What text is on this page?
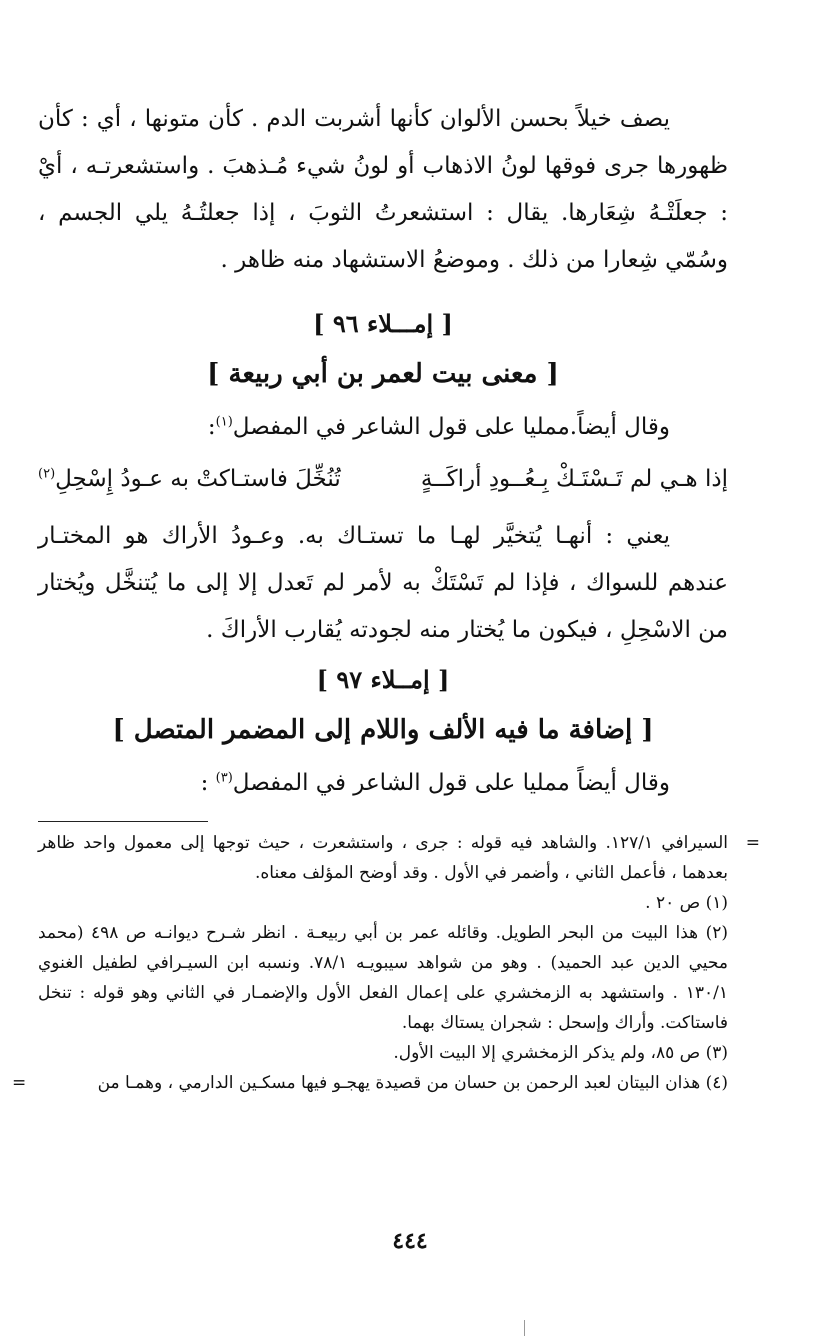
يصف خيلاً بحسن الألوان كأنها أشربت الدم . كأن متونها ، أي : كأن ظهورها جرى فوقها لونُ الاذهاب أو لونُ شيء مُـذهبَ . واستشعرتـه ، أيْ : جعلَتْـهُ شِعَارها. يقال : استشعرتُ الثوبَ ، إذا جعلتُـهُ يلي الجسم ، وسُمّي شِعارا من ذلك . وموضعُ الاستشهاد منه ظاهر .

[ إمـــلاء ٩٦ ]

[ معنى بيت لعمر بن أبي ربيعة ]

وقال أيضاً.ممليا على قول الشاعر في المفصل$^{(١)}$:

إذا هـي لم تَـسْتَـكْ بِـعُــودِ أراكَــةٍ
تُنُخِّلَ فاستـاكتْ به عـودُ إِسْحِلِ$^{(٢)}$

يعني : أنهـا يُتخيَّر لهـا ما تستـاك به. وعـودُ الأراك هو المختـار عندهم للسواك ، فإذا لم تَسْتَكْ به لأمر لم تَعدل إلا إلى ما يُتنخَّل ويُختار من الاسْحِلِ ، فيكون ما يُختار منه لجودته يُقارب الأراكَ .

[ إمــلاء ٩٧ ]

[ إضافة ما فيه الألف واللام إلى المضمر المتصل ]

وقال أيضاً ممليا على قول الشاعر في المفصل$^{(٣)}$ :

=
السيرافي ١٢٧/١. والشاهد فيه قوله : جرى ، واستشعرت ، حيث توجها إلى معمول واحد ظاهر بعدهما ، فأعمل الثاني ، وأضمر في الأول . وقد أوضح المؤلف معناه.

(١) ص ٢٠ .

(٢) هذا البيت من البحر الطويل. وقائله عمر بن أبي ربيعـة . انظر شـرح ديوانـه ص ٤٩٨ (محمد محيي الدين عبد الحميد) . وهو من شواهد سيبويـه ٧٨/١. ونسبه ابن السيـرافي لطفيل الغنوي ١٣٠/١ . واستشهد به الزمخشري على إعمال الفعل الأول والإضمـار في الثاني وهو قوله : تنخل فاستاكت. وأراك وإسحل : شجران يستاك بهما.

(٣) ص ٨٥، ولم يذكر الزمخشري إلا البيت الأول.

(٤) هذان البيتان لعبد الرحمن بن حسان من قصيدة يهجـو فيها مسكـين الدارمي ، وهمـا من
=

٤٤٤
